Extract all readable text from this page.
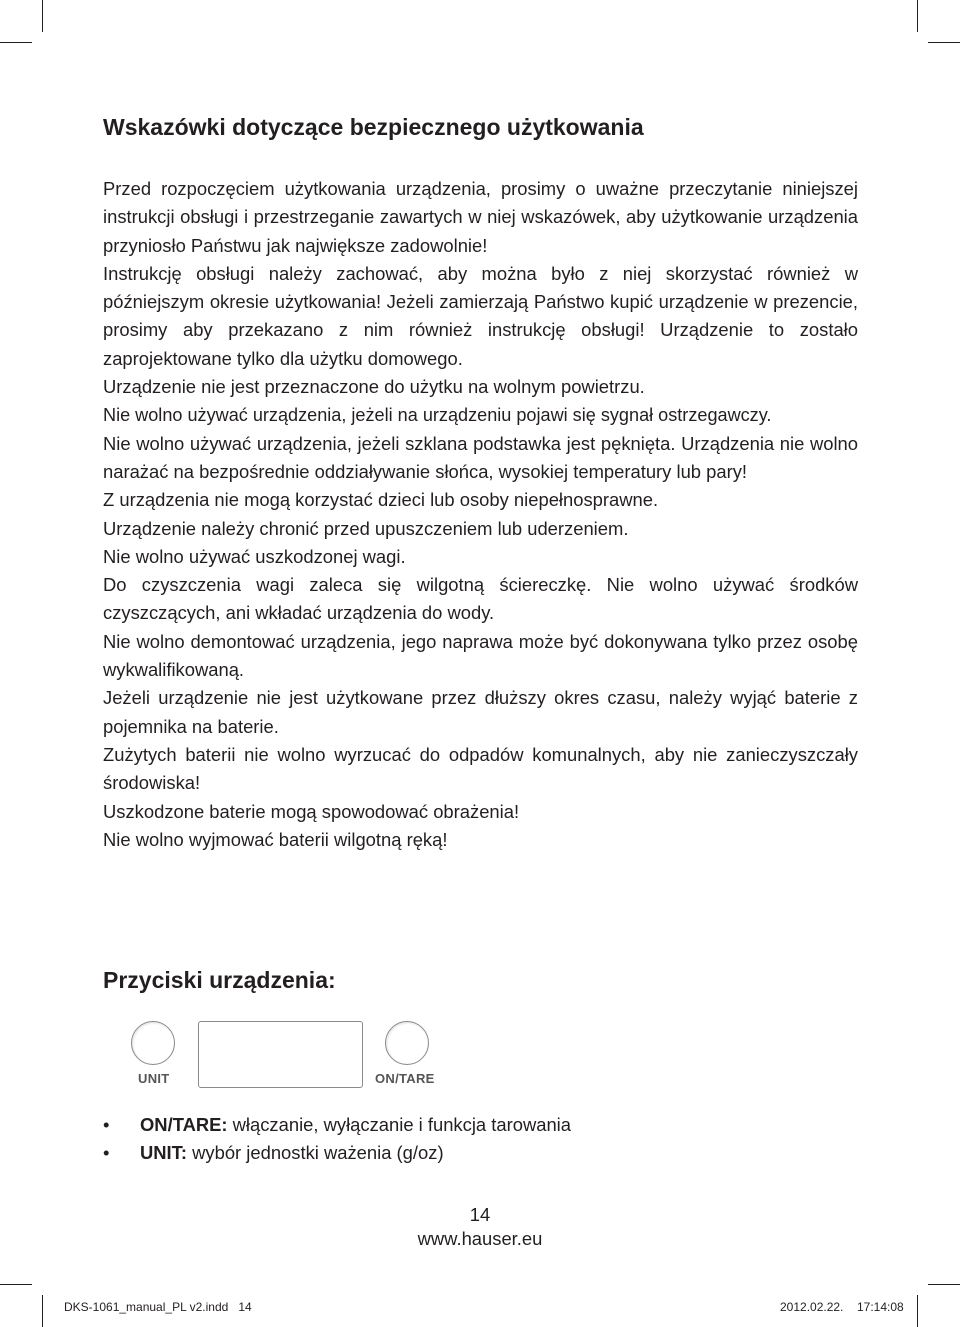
Wskazówki dotyczące bezpiecznego użytkowania
Przed rozpoczęciem użytkowania urządzenia, prosimy o uważne przeczytanie niniejszej instrukcji obsługi i przestrzeganie zawartych w niej wskazówek, aby użytkowanie urządzenia przyniosło Państwu jak największe zadowolnie!
Instrukcję obsługi należy zachować, aby można było z niej skorzystać również w późniejszym okresie użytkowania! Jeżeli zamierzają Państwo kupić urządzenie w prezencie, prosimy aby przekazano z nim również instrukcję obsługi! Urządzenie to zostało zaprojektowane tylko dla użytku domowego.
Urządzenie nie jest przeznaczone do użytku na wolnym powietrzu.
Nie wolno używać urządzenia, jeżeli na urządzeniu pojawi się sygnał ostrzegawczy.
Nie wolno używać urządzenia, jeżeli szklana podstawka jest pęknięta. Urządzenia nie wolno narażać na bezpośrednie oddziaływanie słońca, wysokiej temperatury lub pary!
Z urządzenia nie mogą korzystać dzieci lub osoby niepełnosprawne.
Urządzenie należy chronić przed upuszczeniem lub uderzeniem.
Nie wolno używać uszkodzonej wagi.
Do czyszczenia wagi zaleca się wilgotną ściereczkę. Nie wolno używać środków czyszczących, ani wkładać urządzenia do wody.
Nie wolno demontować urządzenia, jego naprawa może być dokonywana tylko przez osobę wykwalifikowaną.
Jeżeli urządzenie nie jest użytkowane przez dłuższy okres czasu, należy wyjąć baterie z pojemnika na baterie.
Zużytych baterii nie wolno wyrzucać do odpadów komunalnych, aby nie zanieczyszczały środowiska!
Uszkodzone baterie mogą spowodować obrażenia!
Nie wolno wyjmować baterii wilgotną ręką!
Przyciski urządzenia:
UNIT	ON/TARE
• ON/TARE: włączanie, wyłączanie i funkcja tarowania
• UNIT: wybór jednostki ważenia (g/oz)
14
www.hauser.eu
DKS-1061_manual_PL v2.indd   14	2012.02.22. 17:14:08
